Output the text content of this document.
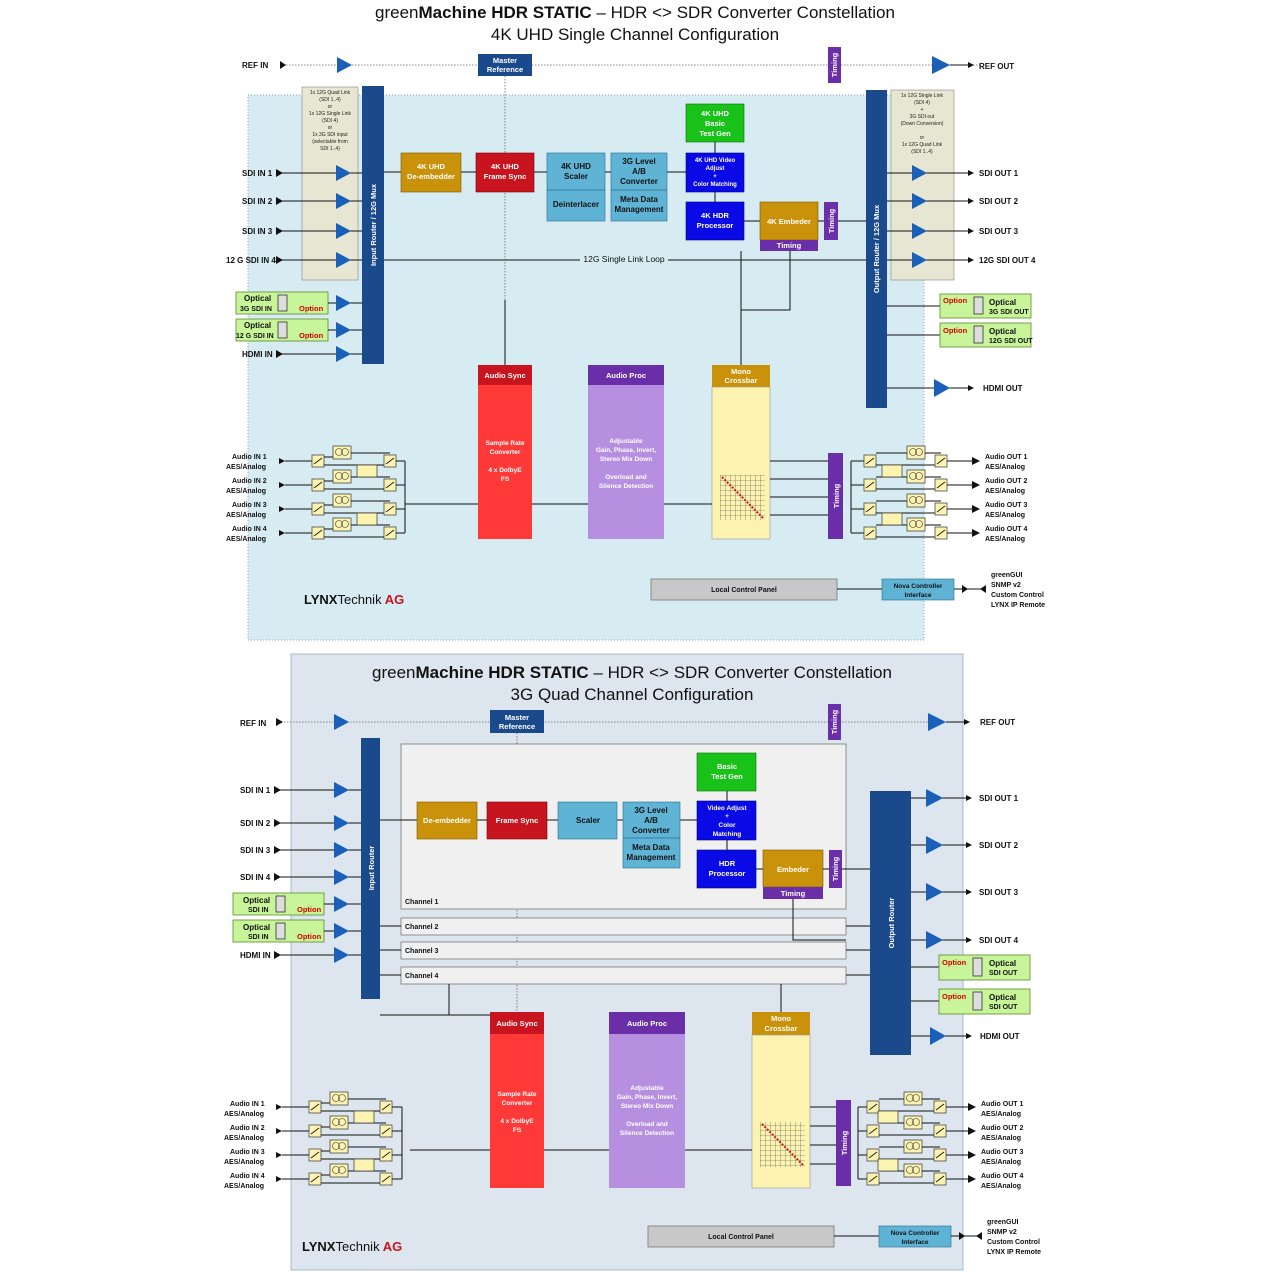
greenMachine HDR STATIC – HDR <> SDR Converter Constellation
4K UHD Single Channel Configuration
REF IN
Master
Reference	Timing	REF OUT
1x 12G Quad Link
(SDI 1..4)
or
1x 12G Single Link
(SDI 4)
or
1x 3G SDI input
(selectable from
SDI 1..4)
Input Router / 12G Mux
SDI IN 1
SDI IN 2
SDI IN 3
12 G SDI IN 4
Optical
3G SDI IN	Option
Optical
12 G SDI IN	Option
HDMI IN
12G Single Link Loop
4K UHD
De-embedder
4K UHD
Frame Sync
4K UHD
Scaler
Deinterlacer
3G Level
A/B
Converter
Meta Data
Management
4K UHD
Basic
Test Gen
4K UHD Video
Adjust
+
Color Matching
4K HDR
Processor	4K Embeder
Timing
Timing	Output Router / 12G Mux
1x 12G Single Link
(SDI 4)
+
3G SDI out
(Down Conversion)
or
1x 12G Quad Link
(SDI 1..4)
SDI OUT 1
SDI OUT 2
SDI OUT 3
12G SDI OUT 4
Option	Optical
3G SDI OUT
Option	Optical
12G SDI OUT
HDMI OUT
Audio Sync
Sample Rate
Converter
4 x DolbyE
FS
Audio Proc
Adjustable
Gain, Phase, Invert,
Stereo Mix Down
Overload and
Silence Detection
Mono
Crossbar
Timing
Audio IN 1
AES/Analog
Audio IN 2
AES/Analog
Audio IN 3
AES/Analog
Audio IN 4
AES/Analog
Audio OUT 1
AES/Analog
Audio OUT 2
AES/Analog
Audio OUT 3
AES/Analog
Audio OUT 4
AES/Analog
Local Control Panel
Nova Controller
Interface
greenGUI
SNMP v2
Custom Control
LYNX IP Remote
LYNXTechnik AG
greenMachine HDR STATIC – HDR <> SDR Converter Constellation
3G Quad Channel Configuration
REF IN
Master
Reference	Timing	REF OUT
Input Router
SDI IN 1
SDI IN 2
SDI IN 3
SDI IN 4
Optical
SDI IN	Option
Optical
SDI IN	Option
HDMI IN
Channel 1
Channel 2
Channel 3
Channel 4
De-embedder	Frame Sync	Scaler
3G Level
A/B
Converter
Meta Data
Management
Basic
Test Gen
Video Adjust
+
Color
Matching
HDR
Processor	Embeder
Timing
Timing
Output Router
SDI OUT 1
SDI OUT 2
SDI OUT 3
SDI OUT 4
Option	Optical
SDI OUT
Option	Optical
SDI OUT
HDMI OUT
Audio Sync
Sample Rate
Converter
4 x DolbyE
FS
Audio Proc
Adjustable
Gain, Phase, Invert,
Stereo Mix Down
Overload and
Silence Detection
Mono
Crossbar
Timing
Audio IN 1
AES/Analog
Audio IN 2
AES/Analog
Audio IN 3
AES/Analog
Audio IN 4
AES/Analog
Audio OUT 1
AES/Analog
Audio OUT 2
AES/Analog
Audio OUT 3
AES/Analog
Audio OUT 4
AES/Analog
Local Control Panel
Nova Controller
Interface
greenGUI
SNMP v2
Custom Control
LYNX IP Remote
LYNXTechnik AG
